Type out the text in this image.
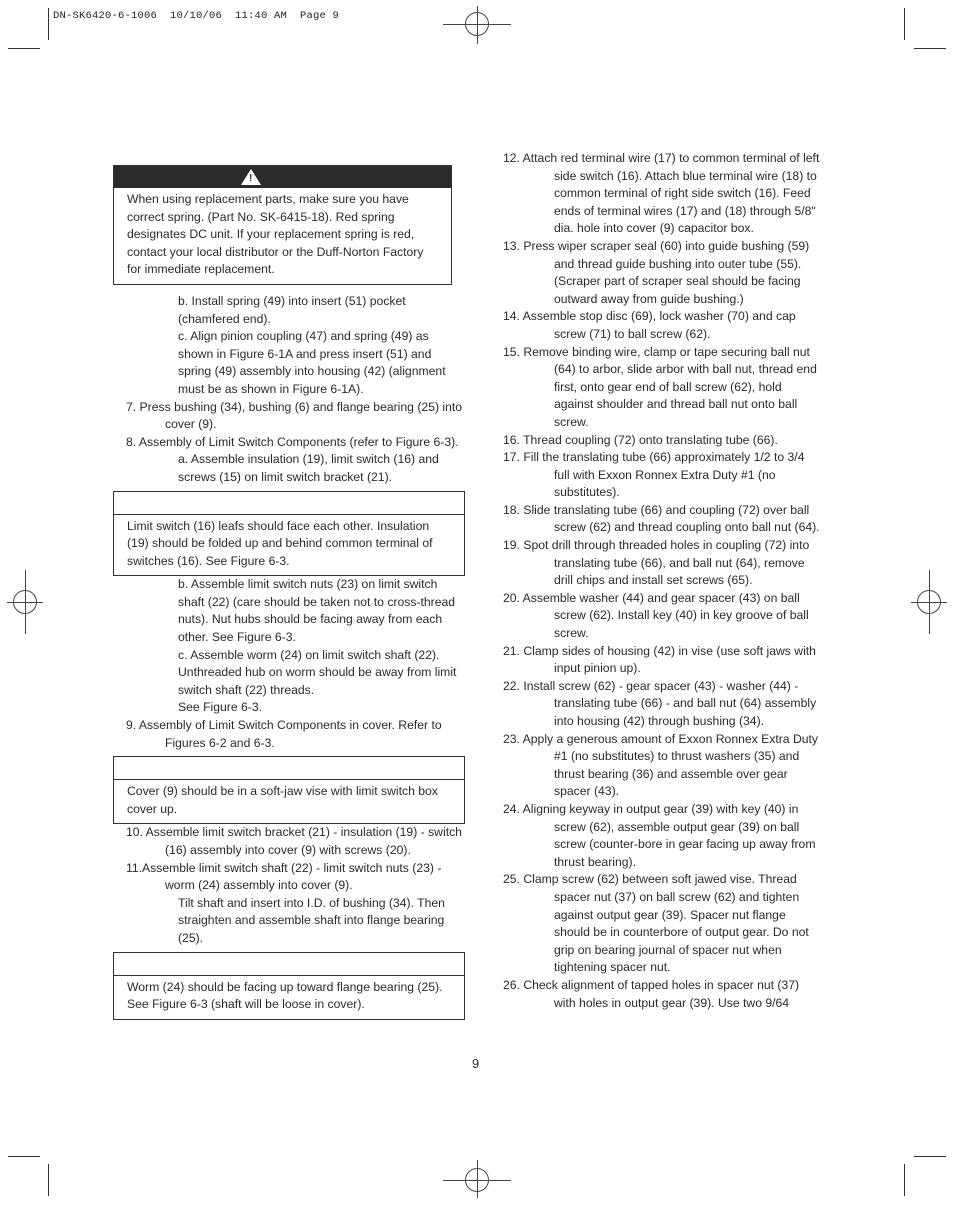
DN-SK6420-6-1006  10/10/06  11:40 AM  Page 9
!
When using replacement parts, make sure you have correct spring. (Part No. SK-6415-18). Red spring designates DC unit. If your replacement spring is red, contact your local distributor or the Duff-Norton Factory for immediate replacement.

b. Install spring (49) into insert (51) pocket (chamfered end).

c. Align pinion coupling (47) and spring (49) as shown in Figure 6-1A and press insert (51) and spring (49) assembly into housing (42) (alignment must be as shown in Figure 6-1A).

7. Press bushing (34), bushing (6) and flange bearing (25) into cover (9).

8. Assembly of Limit Switch Components (refer to Figure 6-3).

a. Assemble insulation (19), limit switch (16) and screws (15) on limit switch bracket (21).

Limit switch (16) leafs should face each other. Insulation (19) should be folded up and behind common terminal of switches (16). See Figure 6-3.

b. Assemble limit switch nuts (23) on limit switch shaft (22) (care should be taken not to cross-thread nuts). Nut hubs should be facing away from each other. See Figure 6-3.

c. Assemble worm (24) on limit switch shaft (22). Unthreaded hub on worm should be away from limit switch shaft (22) threads.

See Figure 6-3.

9. Assembly of Limit Switch Components in cover. Refer to Figures 6-2 and 6-3.

Cover (9) should be in a soft-jaw vise with limit switch box cover up.

10. Assemble limit switch bracket (21) - insulation (19) - switch (16) assembly into cover (9) with screws (20).

11.Assemble limit switch shaft (22) - limit switch nuts (23) - worm (24) assembly into cover (9).

Tilt shaft and insert into I.D. of bushing (34). Then straighten and assemble shaft into flange bearing (25).

Worm (24) should be facing up toward flange bearing (25). See Figure 6-3 (shaft will be loose in cover).

12. Attach red terminal wire (17) to common terminal of left side switch (16). Attach blue terminal wire (18) to common terminal of right side switch (16). Feed ends of terminal wires (17) and (18) through 5/8" dia. hole into cover (9) capacitor box.

13. Press wiper scraper seal (60) into guide bushing (59) and thread guide bushing into outer tube (55). (Scraper part of scraper seal should be facing outward away from guide bushing.)

14. Assemble stop disc (69), lock washer (70) and cap screw (71) to ball screw (62).

15. Remove binding wire, clamp or tape securing ball nut (64) to arbor, slide arbor with ball nut, thread end first, onto gear end of ball screw (62), hold against shoulder and thread ball nut onto ball screw.

16. Thread coupling (72) onto translating tube (66).

17. Fill the translating tube (66) approximately 1/2 to 3/4 full with Exxon Ronnex Extra Duty #1 (no substitutes).

18. Slide translating tube (66) and coupling (72) over ball screw (62) and thread coupling onto ball nut (64).

19. Spot drill through threaded holes in coupling (72) into translating tube (66), and ball nut (64), remove drill chips and install set screws (65).

20. Assemble washer (44) and gear spacer (43) on ball screw (62). Install key (40) in key groove of ball screw.

21. Clamp sides of housing (42) in vise (use soft jaws with input pinion up).

22. Install screw (62) - gear spacer (43) - washer (44) - translating tube (66) - and ball nut (64) assembly into housing (42) through bushing (34).

23. Apply a generous amount of Exxon Ronnex Extra Duty #1 (no substitutes) to thrust washers (35) and thrust bearing (36) and assemble over gear spacer (43).

24. Aligning keyway in output gear (39) with key (40) in screw (62), assemble output gear (39) on ball screw (counter-bore in gear facing up away from thrust bearing).

25. Clamp screw (62) between soft jawed vise. Thread spacer nut (37) on ball screw (62) and tighten against output gear (39). Spacer nut flange should be in counterbore of output gear. Do not grip on bearing journal of spacer nut when tightening spacer nut.

26. Check alignment of tapped holes in spacer nut (37) with holes in output gear (39). Use two 9/64

9
